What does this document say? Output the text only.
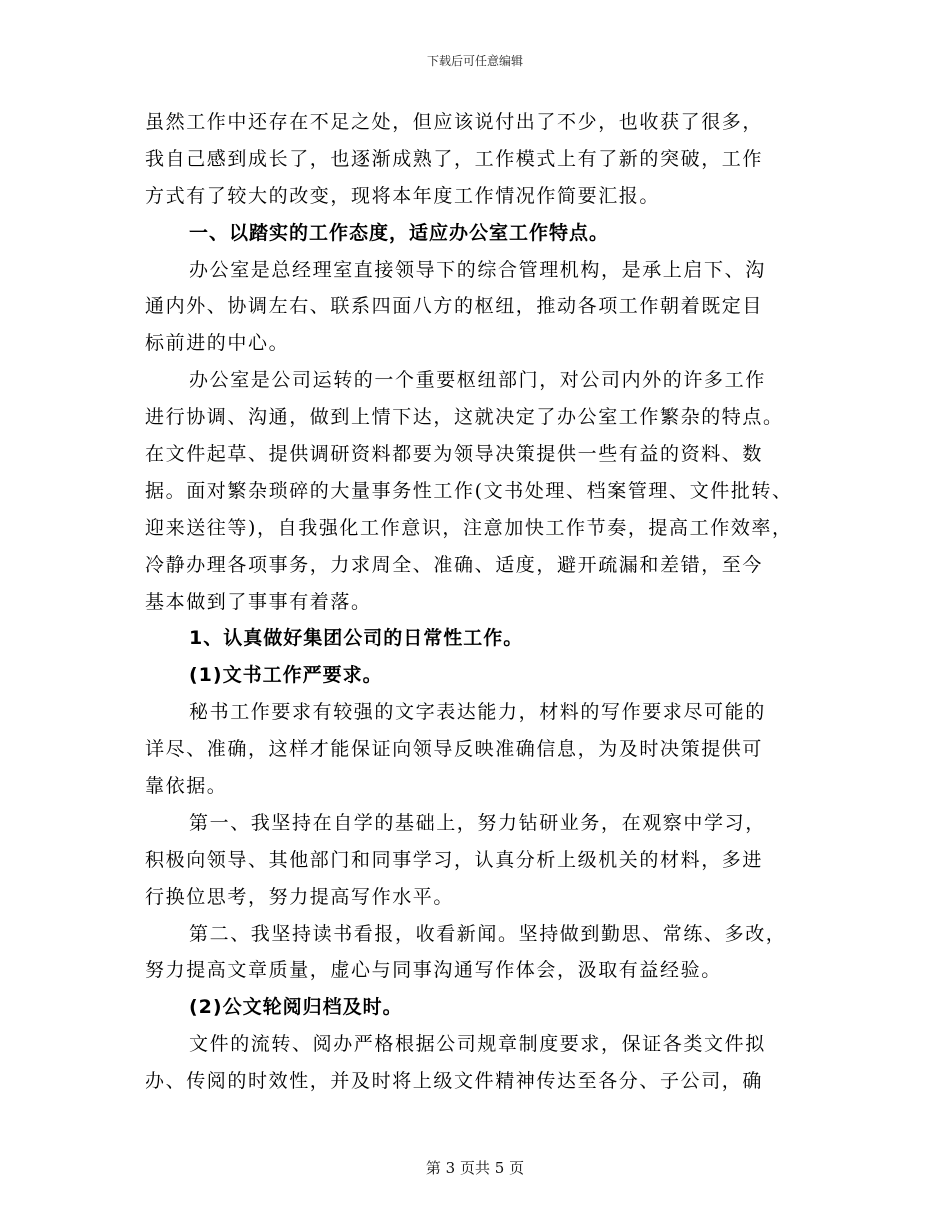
下载后可任意编辑
虽然工作中还存在不足之处，但应该说付出了不少，也收获了很多，
我自己感到成长了，也逐渐成熟了，工作模式上有了新的突破，工作
方式有了较大的改变，现将本年度工作情况作简要汇报。
一、以踏实的工作态度，适应办公室工作特点。
办公室是总经理室直接领导下的综合管理机构，是承上启下、沟
通内外、协调左右、联系四面八方的枢纽，推动各项工作朝着既定目
标前进的中心。
办公室是公司运转的一个重要枢纽部门，对公司内外的许多工作
进行协调、沟通，做到上情下达，这就决定了办公室工作繁杂的特点。
在文件起草、提供调研资料都要为领导决策提供一些有益的资料、数
据。面对繁杂琐碎的大量事务性工作(文书处理、档案管理、文件批转、
迎来送往等)，自我强化工作意识，注意加快工作节奏，提高工作效率，
冷静办理各项事务，力求周全、准确、适度，避开疏漏和差错，至今
基本做到了事事有着落。
1、认真做好集团公司的日常性工作。
(1)文书工作严要求。
秘书工作要求有较强的文字表达能力，材料的写作要求尽可能的
详尽、准确，这样才能保证向领导反映准确信息，为及时决策提供可
靠依据。
第一、我坚持在自学的基础上，努力钻研业务，在观察中学习，
积极向领导、其他部门和同事学习，认真分析上级机关的材料，多进
行换位思考，努力提高写作水平。
第二、我坚持读书看报，收看新闻。坚持做到勤思、常练、多改，
努力提高文章质量，虚心与同事沟通写作体会，汲取有益经验。
(2)公文轮阅归档及时。
文件的流转、阅办严格根据公司规章制度要求，保证各类文件拟
办、传阅的时效性，并及时将上级文件精神传达至各分、子公司，确
第 3 页共 5 页
